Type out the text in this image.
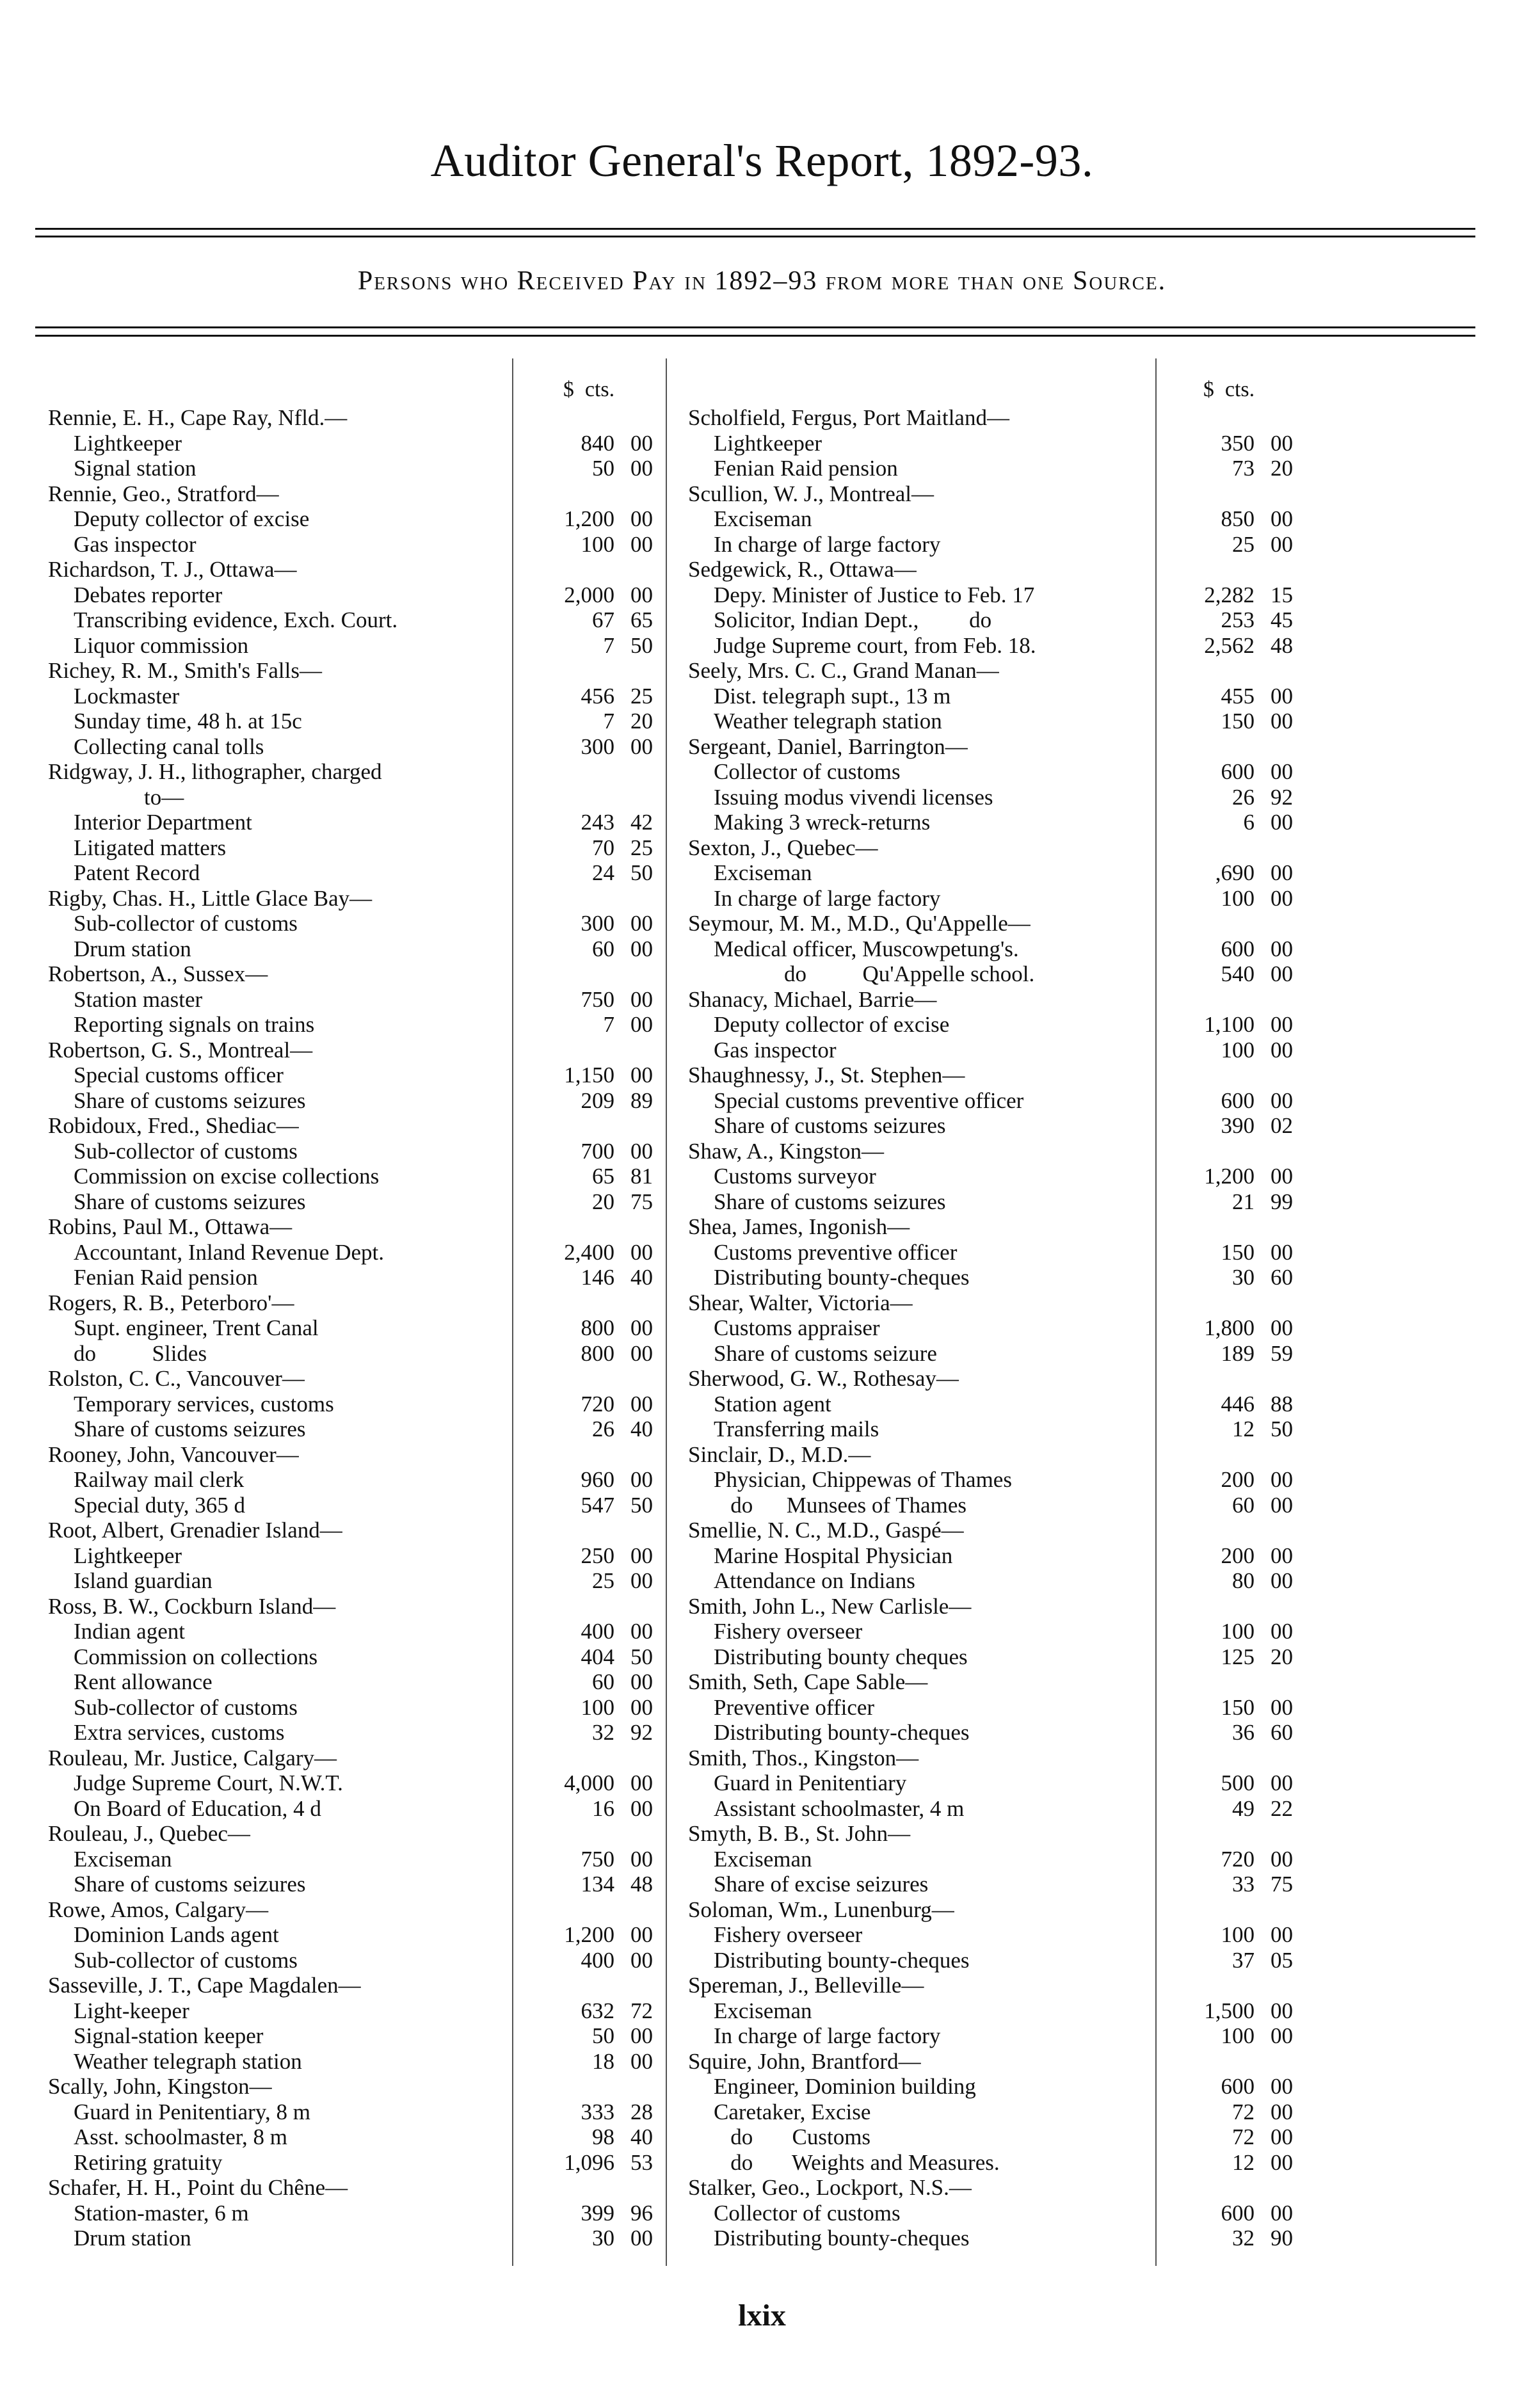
Auditor General's Report, 1892-93.
Persons who Received Pay in 1892–93 from more than one Source.
$ cts.
Rennie, E. H., Cape Ray, Nfld.—
Lightkeeper	840 00
Signal station	50 00
Rennie, Geo., Stratford—
Deputy collector of excise	1,200 00
Gas inspector	100 00
Richardson, T. J., Ottawa—
Debates reporter	2,000 00
Transcribing evidence, Exch. Court.	67 65
Liquor commission	7 50
Richey, R. M., Smith's Falls—
Lockmaster	456 25
Sunday time, 48 h. at 15c	7 20
Collecting canal tolls	300 00
Ridgway, J. H., lithographer, charged
to—
Interior Department	243 42
Litigated matters	70 25
Patent Record	24 50
Rigby, Chas. H., Little Glace Bay—
Sub-collector of customs	300 00
Drum station	60 00
Robertson, A., Sussex—
Station master	750 00
Reporting signals on trains	7 00
Robertson, G. S., Montreal—
Special customs officer	1,150 00
Share of customs seizures	209 89
Robidoux, Fred., Shediac—
Sub-collector of customs	700 00
Commission on excise collections	65 81
Share of customs seizures	20 75
Robins, Paul M., Ottawa—
Accountant, Inland Revenue Dept.	2,400 00
Fenian Raid pension	146 40
Rogers, R. B., Peterboro'—
Supt. engineer, Trent Canal	800 00
do          Slides	800 00
Rolston, C. C., Vancouver—
Temporary services, customs	720 00
Share of customs seizures	26 40
Rooney, John, Vancouver—
Railway mail clerk	960 00
Special duty, 365 d	547 50
Root, Albert, Grenadier Island—
Lightkeeper	250 00
Island guardian	25 00
Ross, B. W., Cockburn Island—
Indian agent	400 00
Commission on collections	404 50
Rent allowance	60 00
Sub-collector of customs	100 00
Extra services, customs	32 92
Rouleau, Mr. Justice, Calgary—
Judge Supreme Court, N.W.T.	4,000 00
On Board of Education, 4 d	16 00
Rouleau, J., Quebec—
Exciseman	750 00
Share of customs seizures	134 48
Rowe, Amos, Calgary—
Dominion Lands agent	1,200 00
Sub-collector of customs	400 00
Sasseville, J. T., Cape Magdalen—
Light-keeper	632 72
Signal-station keeper	50 00
Weather telegraph station	18 00
Scally, John, Kingston—
Guard in Penitentiary, 8 m	333 28
Asst. schoolmaster, 8 m	98 40
Retiring gratuity	1,096 53
Schafer, H. H., Point du Chêne—
Station-master, 6 m	399 96
Drum station	30 00
$ cts.
Scholfield, Fergus, Port Maitland—
Lightkeeper	350 00
Fenian Raid pension	73 20
Scullion, W. J., Montreal—
Exciseman	850 00
In charge of large factory	25 00
Sedgewick, R., Ottawa—
Depy. Minister of Justice to Feb. 17	2,282 15
Solicitor, Indian Dept.,         do	253 45
Judge Supreme court, from Feb. 18.	2,562 48
Seely, Mrs. C. C., Grand Manan—
Dist. telegraph supt., 13 m	455 00
Weather telegraph station	150 00
Sergeant, Daniel, Barrington—
Collector of customs	600 00
Issuing modus vivendi licenses	26 92
Making 3 wreck-returns	6 00
Sexton, J., Quebec—
Exciseman	,690 00
In charge of large factory	100 00
Seymour, M. M., M.D., Qu'Appelle—
Medical officer, Muscowpetung's.	600 00
do          Qu'Appelle school.	540 00
Shanacy, Michael, Barrie—
Deputy collector of excise	1,100 00
Gas inspector	100 00
Shaughnessy, J., St. Stephen—
Special customs preventive officer	600 00
Share of customs seizures	390 02
Shaw, A., Kingston—
Customs surveyor	1,200 00
Share of customs seizures	21 99
Shea, James, Ingonish—
Customs preventive officer	150 00
Distributing bounty-cheques	30 60
Shear, Walter, Victoria—
Customs appraiser	1,800 00
Share of customs seizure	189 59
Sherwood, G. W., Rothesay—
Station agent	446 88
Transferring mails	12 50
Sinclair, D., M.D.—
Physician, Chippewas of Thames	200 00
do      Munsees of Thames	60 00
Smellie, N. C., M.D., Gaspé—
Marine Hospital Physician	200 00
Attendance on Indians	80 00
Smith, John L., New Carlisle—
Fishery overseer	100 00
Distributing bounty cheques	125 20
Smith, Seth, Cape Sable—
Preventive officer	150 00
Distributing bounty-cheques	36 60
Smith, Thos., Kingston—
Guard in Penitentiary	500 00
Assistant schoolmaster, 4 m	49 22
Smyth, B. B., St. John—
Exciseman	720 00
Share of excise seizures	33 75
Soloman, Wm., Lunenburg—
Fishery overseer	100 00
Distributing bounty-cheques	37 05
Spereman, J., Belleville—
Exciseman	1,500 00
In charge of large factory	100 00
Squire, John, Brantford—
Engineer, Dominion building	600 00
Caretaker, Excise	72 00
do       Customs	72 00
do       Weights and Measures.	12 00
Stalker, Geo., Lockport, N.S.—
Collector of customs	600 00
Distributing bounty-cheques	32 90
lxix
